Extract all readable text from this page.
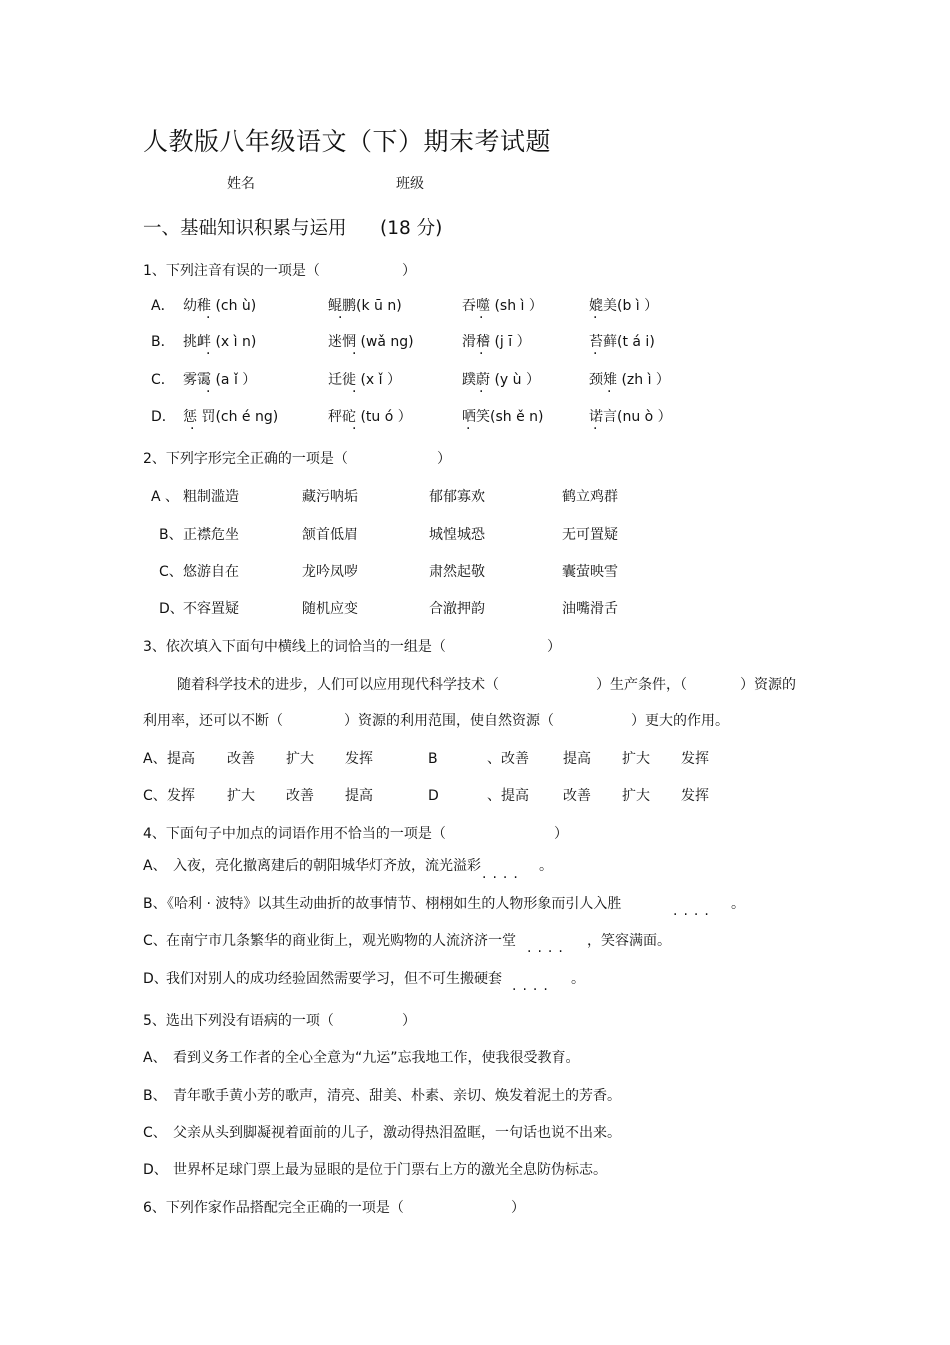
人教版八年级语文（下）期末考试题
姓名	班级
一、基础知识积累与运用 (18 分)
1、下列注音有误的一项是（	）
A． 幼稚 (ch ù)	鲲鹏(k ū n)	吞噬 (sh ì ）	媲美(b ì ）
B． 挑衅 (x ì n)	迷惘 (wǎ ng)	滑稽 (j ī ）	苔藓(t á i)
C． 雾霭 (a ǐ ）	迁徙 (x ǐ ）	蹼蔚 (y ù ）	颈雉 (zh ì ）
D． 惩 罚(ch é ng)	秤砣 (tu ó ）	哂笑(sh ě n)	诺言(nu ò ）
·	·	·	·
·	·	·	·
·	·	·	·
·	·	·	·
2、下列字形完全正确的一项是（	）
A 、 粗制滥造	藏污呐垢	郁郁寡欢	鹤立鸡群
B、 正襟危坐	颔首低眉	城惶城恐	无可置疑
C、 悠游自在	龙吟凤哕	肃然起敬	囊萤映雪
D、 不容置疑	随机应变	合澈押韵	油嘴滑舌
3、依次填入下面句中横线上的词恰当的一组是（	）
随着科学技术的进步，人们可以应用现代科学技术（	）生产条件，（	）资源的
利用率，还可以不断（	）资源的利用范围，使自然资源（	）更大的作用。
A、 提高 改善 扩大 发挥	B	、改善 提高 扩大 发挥
C、 发挥 扩大 改善 提高	D	、提高 改善 扩大 发挥
4、下面句子中加点的词语作用不恰当的一项是（	）
A、 入夜，亮化撤离建后的朝阳城华灯齐放，流光溢彩	。
····
B、
《哈利 · 波特》以其生动曲折的故事情节、栩栩如生的人物形象而引人入胜	。
····
C、 在南宁市几条繁华的商业街上，观光购物的人流济济一堂	，笑容满面。
····
D、
我们对别人的成功经验固然需要学习，但不可生搬硬套	。
····
5、选出下列没有语病的一项（	）
A、 看到义务工作者的全心全意为“九运”忘我地工作，使我很受教育。
B、 青年歌手黄小芳的歌声，清亮、甜美、朴素、亲切、焕发着泥土的芳香。
C、 父亲从头到脚凝视着面前的儿子，激动得热泪盈眶，一句话也说不出来。
D、 世界杯足球门票上最为显眼的是位于门票右上方的激光全息防伪标志。
6、下列作家作品搭配完全正确的一项是（	）
